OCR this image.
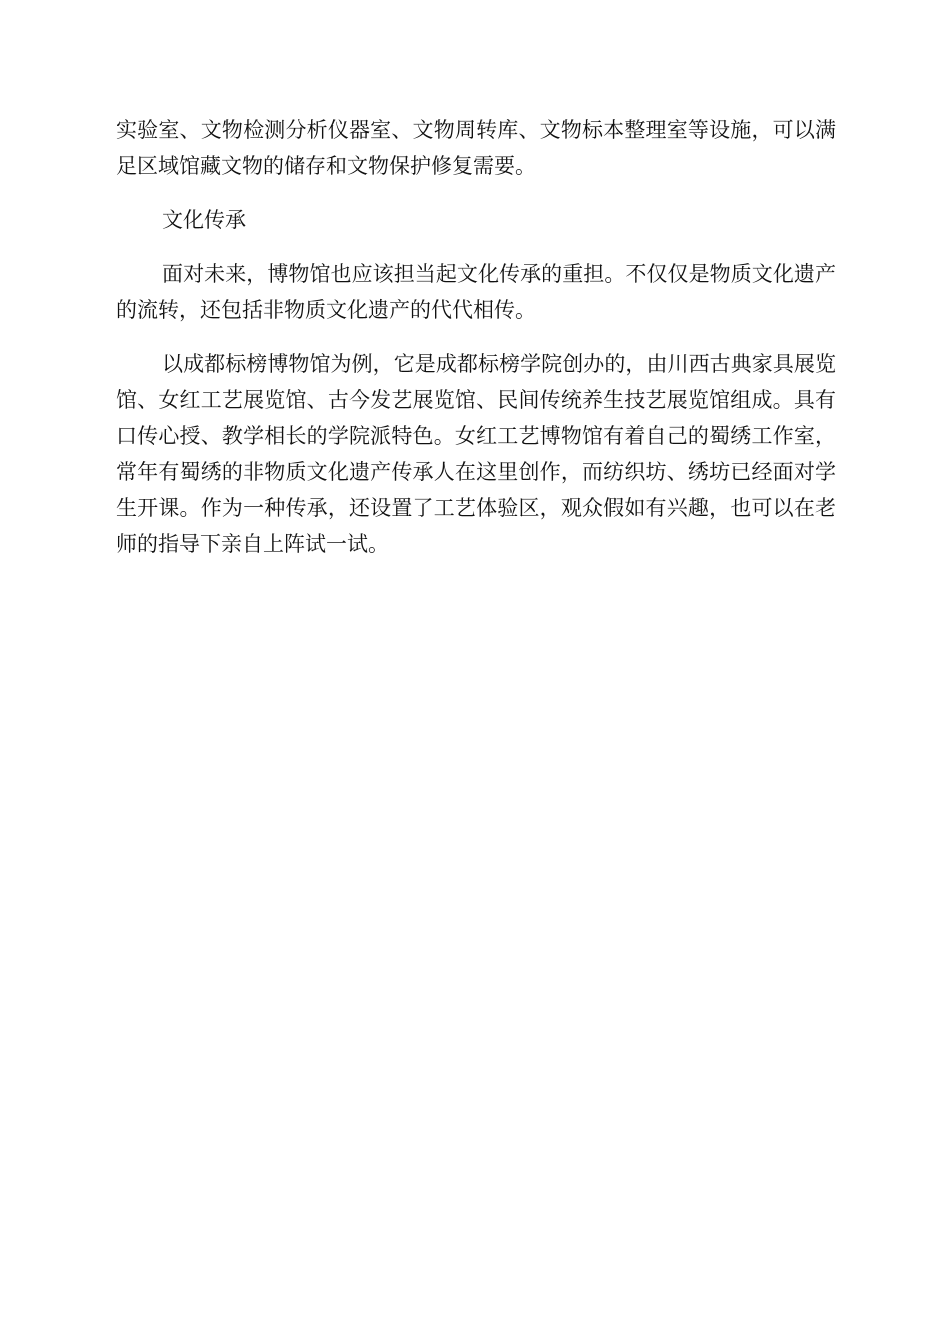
实验室、文物检测分析仪器室、文物周转库、文物标本整理室等设施，可以满足区域馆藏文物的储存和文物保护修复需要。

文化传承

面对未来，博物馆也应该担当起文化传承的重担。不仅仅是物质文化遗产的流转，还包括非物质文化遗产的代代相传。

以成都标榜博物馆为例，它是成都标榜学院创办的，由川西古典家具展览馆、女红工艺展览馆、古今发艺展览馆、民间传统养生技艺展览馆组成。具有口传心授、教学相长的学院派特色。女红工艺博物馆有着自己的蜀绣工作室，常年有蜀绣的非物质文化遗产传承人在这里创作，而纺织坊、绣坊已经面对学生开课。作为一种传承，还设置了工艺体验区，观众假如有兴趣，也可以在老师的指导下亲自上阵试一试。
